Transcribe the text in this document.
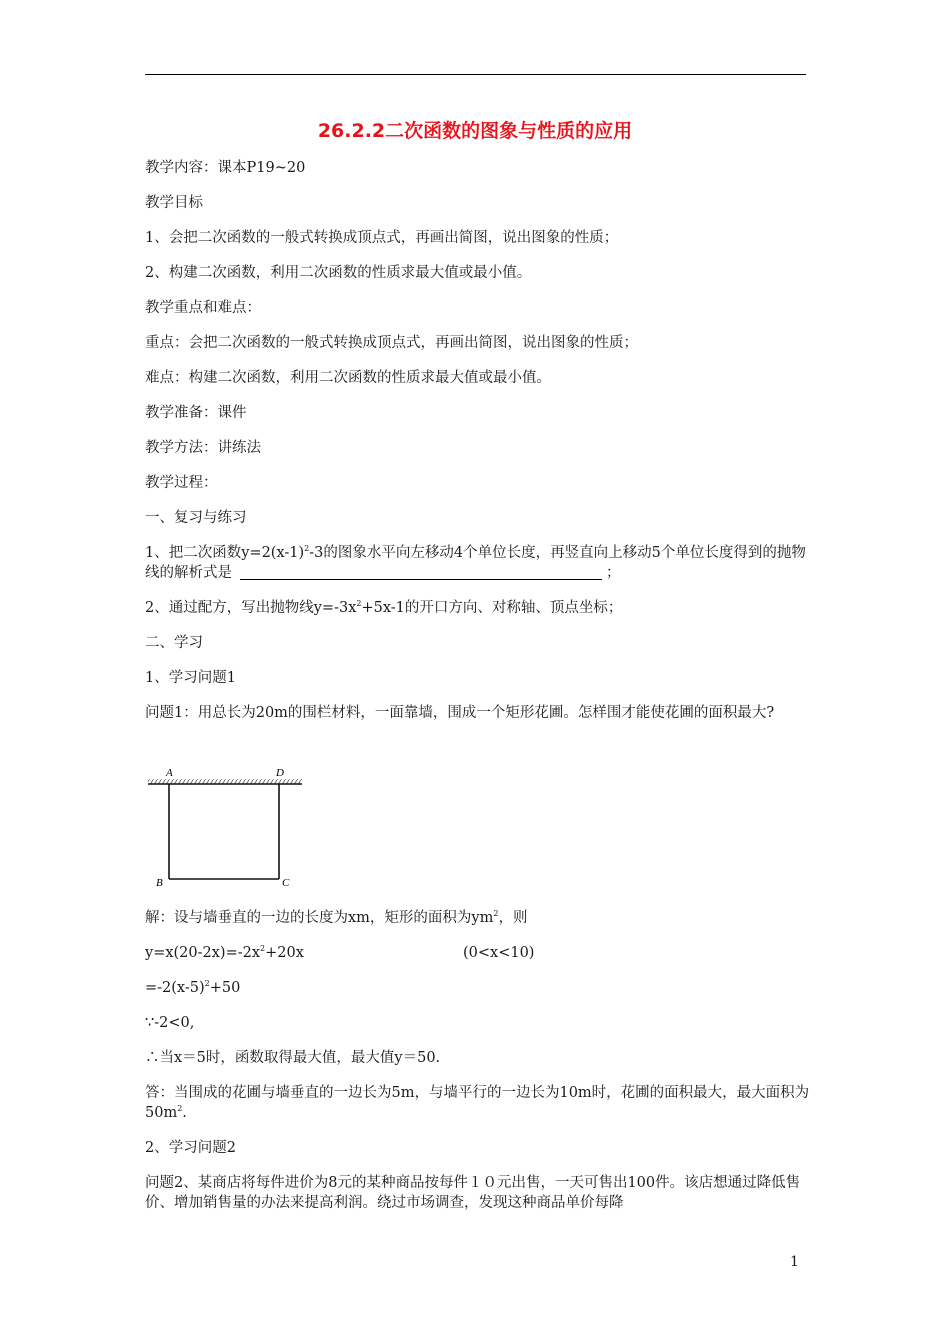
26.2.2二次函数的图象与性质的应用
教学内容：课本P19~20
教学目标
1、会把二次函数的一般式转换成顶点式，再画出简图，说出图象的性质；
2、构建二次函数，利用二次函数的性质求最大值或最小值。
教学重点和难点：
重点：会把二次函数的一般式转换成顶点式，再画出简图，说出图象的性质；
难点：构建二次函数，利用二次函数的性质求最大值或最小值。
教学准备：课件
教学方法：讲练法
教学过程：
一、复习与练习
1、把二次函数$y=2(x-1)^2-3$的图象水平向左移动4个单位长度，再竖直向上移动5个单位长度得到的抛物线的解析式是	；
2、通过配方，写出抛物线$y=-3x^2+5x-1$的开口方向、对称轴、顶点坐标；
二、学习
1、学习问题1
问题1：用总长为20m的围栏材料，一面靠墙，围成一个矩形花圃。怎样围才能使花圃的面积最大?
A	D
B	C
解：设与墙垂直的一边的长度为xm，矩形的面积为$ym^2$，则
$y=x(20-2x)=-2x^2+20x$	(0<x<10)
$=-2(x-5)^2+50$
∵-2<0,
∴当x＝5时，函数取得最大值，最大值y＝50.
答：当围成的花圃与墙垂直的一边长为5m，与墙平行的一边长为10m时，花圃的面积最大，最大面积为$50m^2$.
2、学习问题2
问题2、某商店将每件进价为8元的某种商品按每件１０元出售，一天可售出100件。该店想通过降低售价、增加销售量的办法来提高利润。绕过市场调查，发现这种商品单价每降
1
